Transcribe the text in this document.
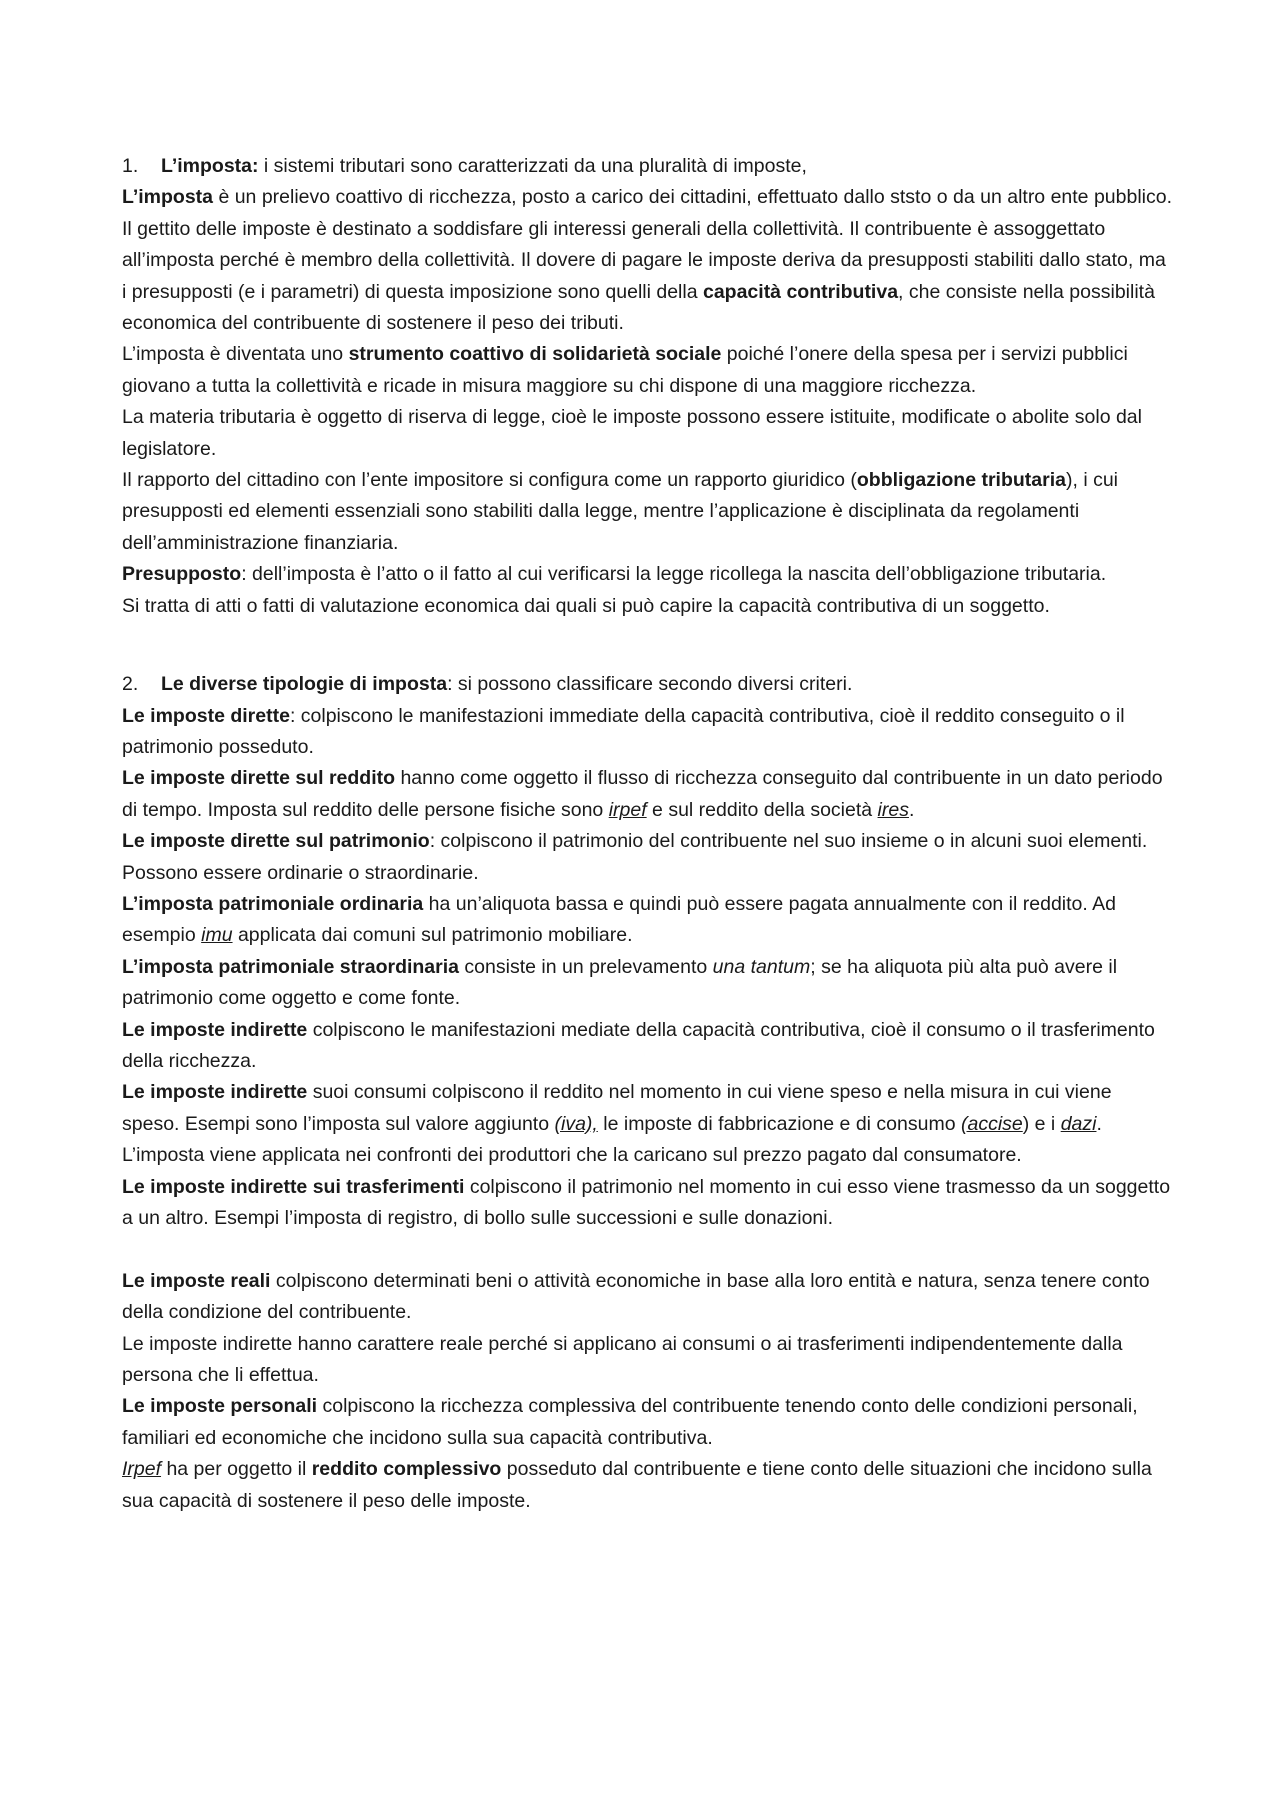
1. L’imposta: i sistemi tributari sono caratterizzati da una pluralità di imposte,

L’imposta è un prelievo coattivo di ricchezza, posto a carico dei cittadini, effettuato dallo ststo o da un altro ente pubblico.

Il gettito delle imposte è destinato a soddisfare gli interessi generali della collettività. Il contribuente è assoggettato all’imposta perché è membro della collettività. Il dovere di pagare le imposte deriva da presupposti stabiliti dallo stato, ma i presupposti (e i parametri) di questa imposizione sono quelli della capacità contributiva, che consiste nella possibilità economica del contribuente di sostenere il peso dei tributi.

L’imposta è diventata uno strumento coattivo di solidarietà sociale poiché l’onere della spesa per i servizi pubblici giovano a tutta la collettività e ricade in misura maggiore su chi dispone di una maggiore ricchezza.

La materia tributaria è oggetto di riserva di legge, cioè le imposte possono essere istituite, modificate o abolite solo dal legislatore.

Il rapporto del cittadino con l’ente impositore si configura come un rapporto giuridico (obbligazione tributaria), i cui presupposti ed elementi essenziali sono stabiliti dalla legge, mentre l’applicazione è disciplinata da regolamenti dell’amministrazione finanziaria.

Presupposto: dell’imposta è l’atto o il fatto al cui verificarsi la legge ricollega la nascita dell’obbligazione tributaria.

Si tratta di atti o fatti di valutazione economica dai quali si può capire la capacità contributiva di un soggetto.

2. Le diverse tipologie di imposta: si possono classificare secondo diversi criteri.

Le imposte dirette: colpiscono le manifestazioni immediate della capacità contributiva, cioè il reddito conseguito o il patrimonio posseduto.

Le imposte dirette sul reddito hanno come oggetto il flusso di ricchezza conseguito dal contribuente in un dato periodo di tempo. Imposta sul reddito delle persone fisiche sono irpef e sul reddito della società ires.

Le imposte dirette sul patrimonio: colpiscono il patrimonio del contribuente nel suo insieme o in alcuni suoi elementi. Possono essere ordinarie o straordinarie.

L’imposta patrimoniale ordinaria ha un’aliquota bassa e quindi può essere pagata annualmente con il reddito. Ad esempio imu applicata dai comuni sul patrimonio mobiliare.

L’imposta patrimoniale straordinaria consiste in un prelevamento una tantum; se ha aliquota più alta può avere il patrimonio come oggetto e come fonte.

Le imposte indirette colpiscono le manifestazioni mediate della capacità contributiva, cioè il consumo o il trasferimento della ricchezza.

Le imposte indirette suoi consumi colpiscono il reddito nel momento in cui viene speso e nella misura in cui viene speso. Esempi sono l’imposta sul valore aggiunto (iva), le imposte di fabbricazione e di consumo (accise) e i dazi.

L’imposta viene applicata nei confronti dei produttori che la caricano sul prezzo pagato dal consumatore.

Le imposte indirette sui trasferimenti colpiscono il patrimonio nel momento in cui esso viene trasmesso da un soggetto a un altro. Esempi l’imposta di registro, di bollo sulle successioni e sulle donazioni.

Le imposte reali colpiscono determinati beni o attività economiche in base alla loro entità e natura, senza tenere conto della condizione del contribuente.

Le imposte indirette hanno carattere reale perché si applicano ai consumi o ai trasferimenti indipendentemente dalla persona che li effettua.

Le imposte personali colpiscono la ricchezza complessiva del contribuente tenendo conto delle condizioni personali, familiari ed economiche che incidono sulla sua capacità contributiva.

Irpef ha per oggetto il reddito complessivo posseduto dal contribuente e tiene conto delle situazioni che incidono sulla sua capacità di sostenere il peso delle imposte.
